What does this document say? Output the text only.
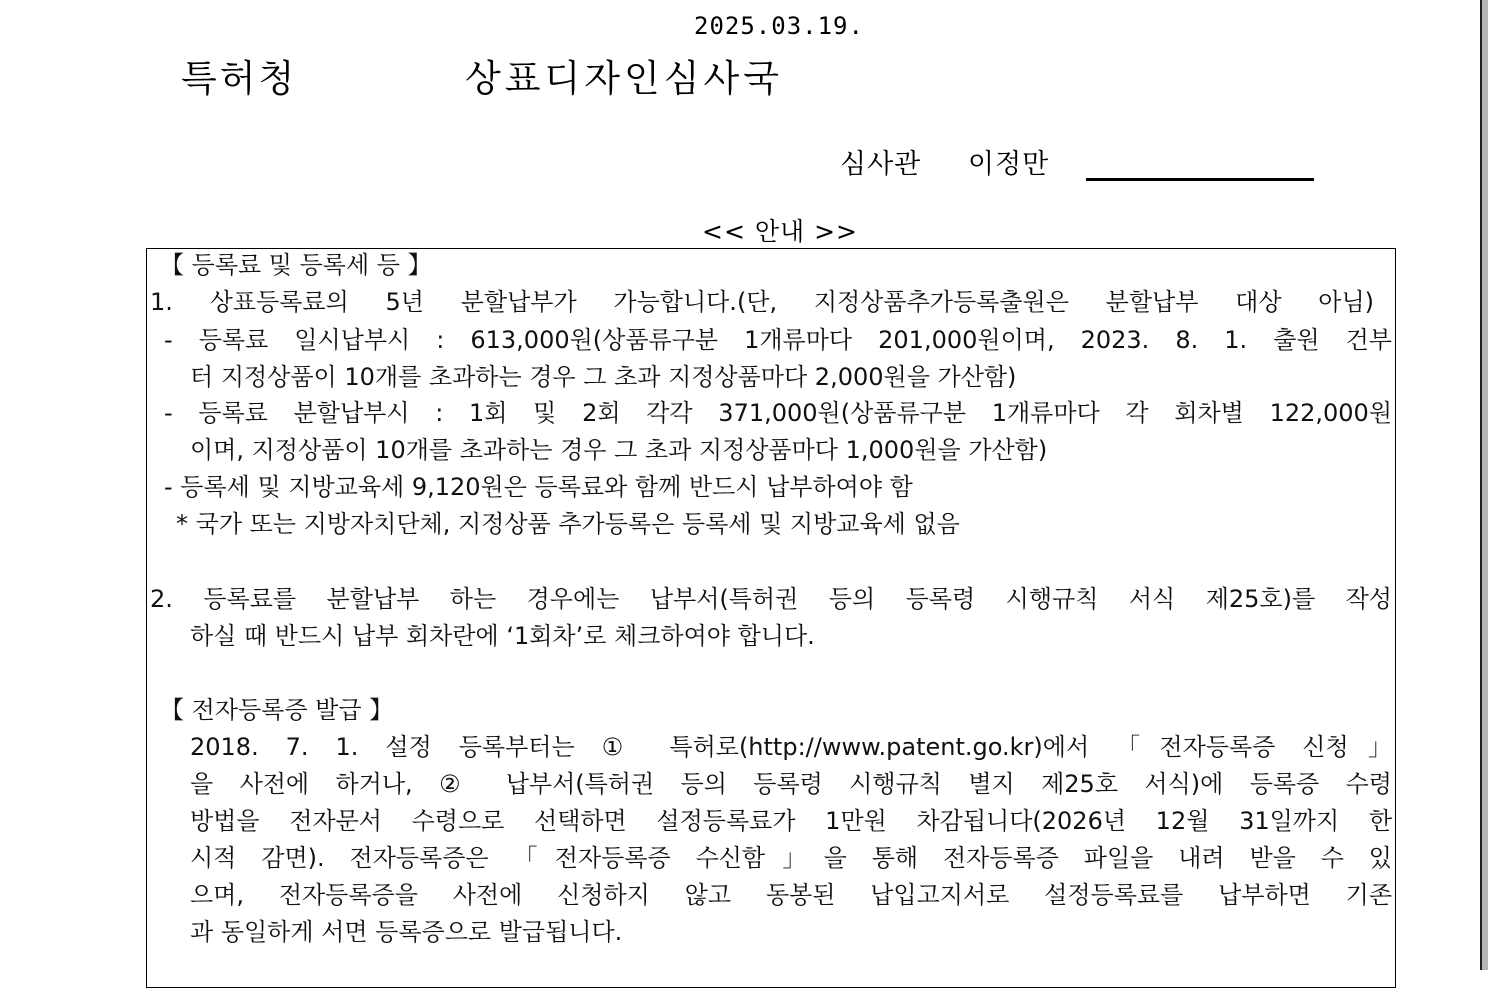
2025.03.19.
특허청	상표디자인심사국
심사관 이정만
<< 안내 >>
【 등록료 및 등록세 등 】
1. 상표등록료의 5년 분할납부가 가능합니다.(단, 지정상품추가등록출원은 분할납부 대상 아님)
- 등록료 일시납부시 : 613,000원(상품류구분 1개류마다 201,000원이며, 2023. 8. 1. 출원 건부
터 지정상품이 10개를 초과하는 경우 그 초과 지정상품마다 2,000원을 가산함)
- 등록료 분할납부시 : 1회 및 2회 각각 371,000원(상품류구분 1개류마다 각 회차별 122,000원
이며, 지정상품이 10개를 초과하는 경우 그 초과 지정상품마다 1,000원을 가산함)
- 등록세 및 지방교육세 9,120원은 등록료와 함께 반드시 납부하여야 함
* 국가 또는 지방자치단체, 지정상품 추가등록은 등록세 및 지방교육세 없음
2. 등록료를 분할납부 하는 경우에는 납부서(특허권 등의 등록령 시행규칙 서식 제25호)를 작성
하실 때 반드시 납부 회차란에 ‘1회차’로 체크하여야 합니다.
【 전자등록증 발급 】
2018. 7. 1. 설정 등록부터는 ① 특허로(http://www.patent.go.kr)에서 「전자등록증 신청」
을 사전에 하거나, ② 납부서(특허권 등의 등록령 시행규칙 별지 제25호 서식)에 등록증 수령
방법을 전자문서 수령으로 선택하면 설정등록료가 1만원 차감됩니다(2026년 12월 31일까지 한
시적 감면). 전자등록증은 「전자등록증 수신함」을 통해 전자등록증 파일을 내려 받을 수 있
으며, 전자등록증을 사전에 신청하지 않고 동봉된 납입고지서로 설정등록료를 납부하면 기존
과 동일하게 서면 등록증으로 발급됩니다.
